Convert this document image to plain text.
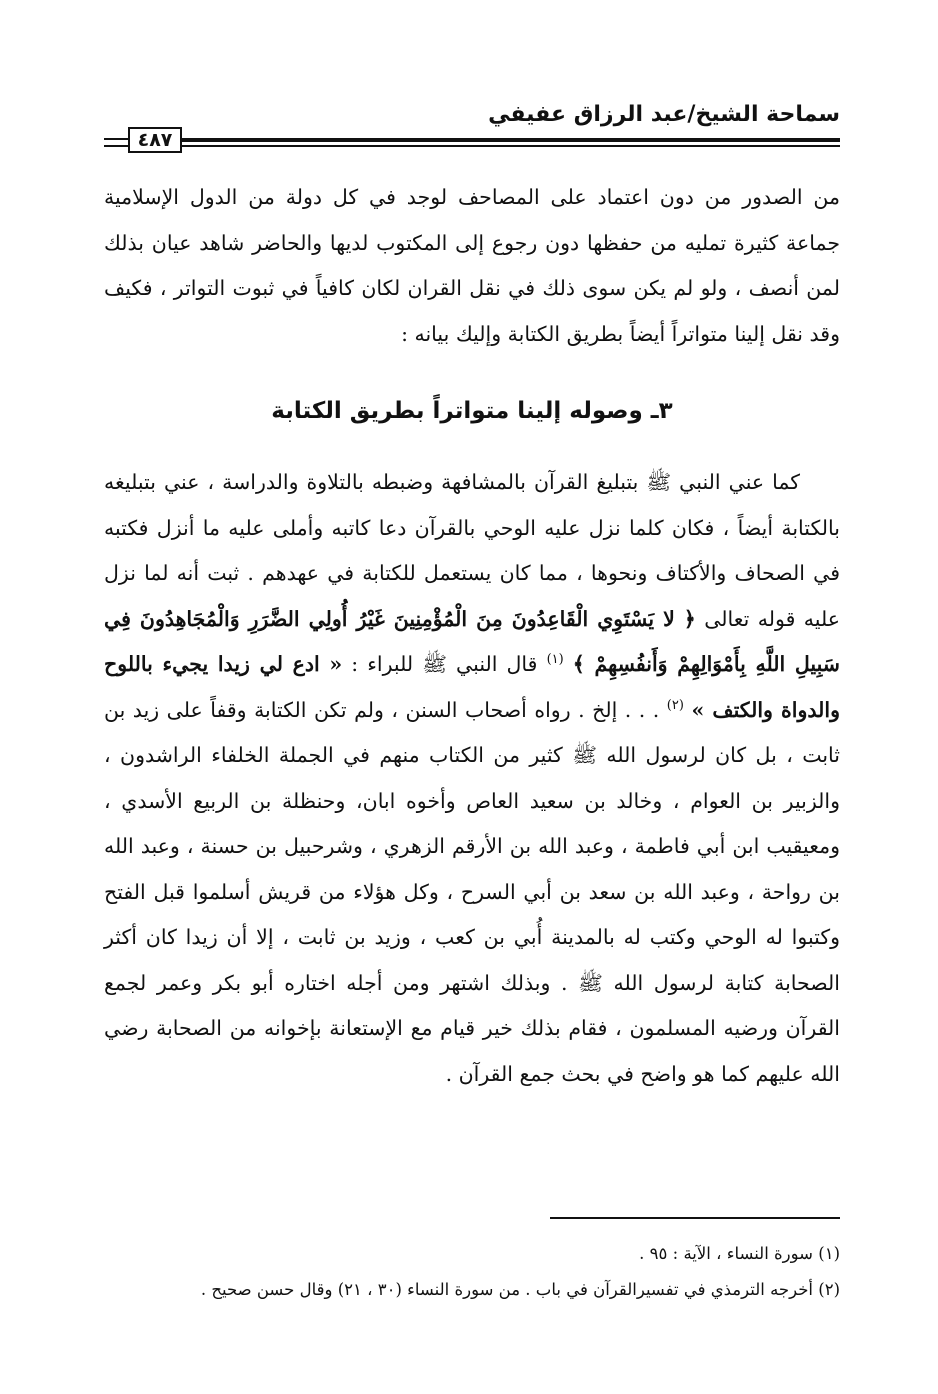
سماحة الشيخ/عبد الرزاق عفيفي
٤٨٧

من الصدور من دون اعتماد على المصاحف لوجد في كل دولة من الدول الإسلامية جماعة كثيرة تمليه من حفظها دون رجوع إلى المكتوب لديها والحاضر شاهد عيان بذلك لمن أنصف ، ولو لم يكن سوى ذلك في نقل القران لكان كافياً في ثبوت التواتر ، فكيف وقد نقل إلينا متواتراً أيضاً بطريق الكتابة وإليك بيانه :

٣ـ وصوله إلينا متواتراً بطريق الكتابة

كما عني النبي ﷺ بتبليغ القرآن بالمشافهة وضبطه بالتلاوة والدراسة ، عني بتبليغه بالكتابة أيضاً ، فكان كلما نزل عليه الوحي بالقرآن دعا كاتبه وأملى عليه ما أنزل فكتبه في الصحاف والأكتاف ونحوها ، مما كان يستعمل للكتابة في عهدهم . ثبت أنه لما نزل عليه قوله تعالى ﴿ لا يَسْتَوِي الْقَاعِدُونَ مِنَ الْمُؤْمِنِينَ غَيْرُ أُولِي الضَّرَرِ وَالْمُجَاهِدُونَ فِي سَبِيلِ اللَّهِ بِأَمْوَالِهِمْ وَأَنفُسِهِمْ ﴾ $^{(١)}$ قال النبي ﷺ للبراء : « ادع لي زيدا يجيء باللوح والدواة والكتف » $^{(٢)}$ . . . إلخ . رواه أصحاب السنن ، ولم تكن الكتابة وقفاً على زيد بن ثابت ، بل كان لرسول الله ﷺ كثير من الكتاب منهم في الجملة الخلفاء الراشدون ، والزبير بن العوام ، وخالد بن سعيد العاص وأخوه ابان، وحنظلة بن الربيع الأسدي ، ومعيقيب ابن أبي فاطمة ، وعبد الله بن الأرقم الزهري ، وشرحبيل بن حسنة ، وعبد الله بن رواحة ، وعبد الله بن سعد بن أبي السرح ، وكل هؤلاء من قريش أسلموا قبل الفتح وكتبوا له الوحي وكتب له بالمدينة أُبي بن كعب ، وزيد بن ثابت ، إلا أن زيدا كان أكثر الصحابة كتابة لرسول الله ﷺ . وبذلك اشتهر ومن أجله اختاره أبو بكر وعمر لجمع القرآن ورضيه المسلمون ، فقام بذلك خير قيام مع الإستعانة بإخوانه من الصحابة رضي الله عليهم كما هو واضح في بحث جمع القرآن .

(١) سورة النساء ، الآية : ٩٥ .
(٢) أخرجه الترمذي في تفسيرالقرآن في باب . من سورة النساء (٣٠ ، ٢١) وقال حسن صحيح .
